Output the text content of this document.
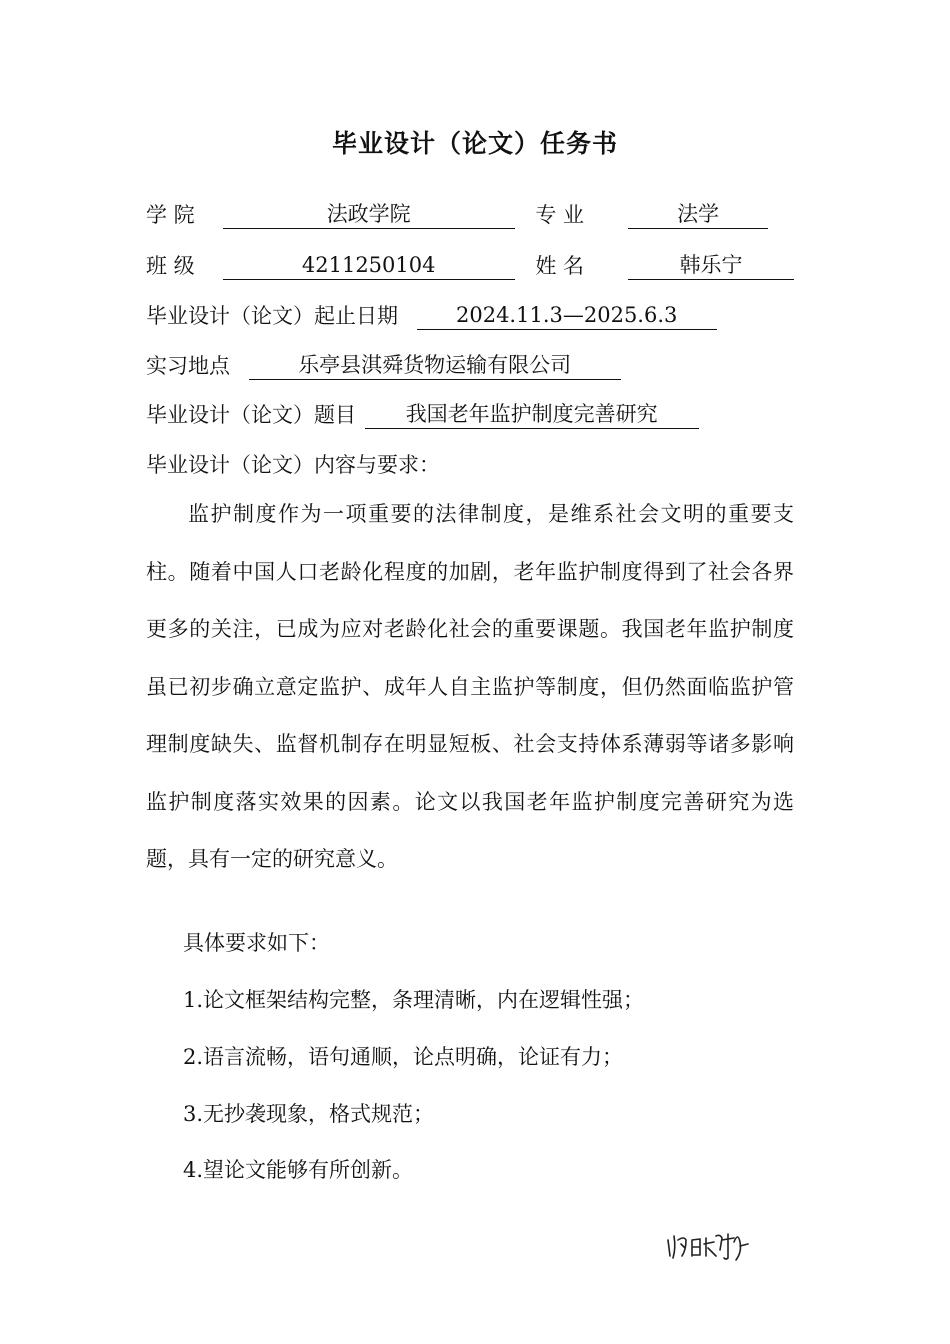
毕业设计（论文）任务书
学 院	法政学院	专 业	法学
班 级	4211250104	姓 名	韩乐宁
毕业设计（论文）起止日期	2024.11.3—2025.6.3
实习地点	乐亭县淇舜货物运输有限公司
毕业设计（论文）题目 我国老年监护制度完善研究
毕业设计（论文）内容与要求：

监护制度作为一项重要的法律制度，是维系社会文明的重要支柱。随着中国人口老龄化程度的加剧，老年监护制度得到了社会各界更多的关注，已成为应对老龄化社会的重要课题。我国老年监护制度虽已初步确立意定监护、成年人自主监护等制度，但仍然面临监护管理制度缺失、监督机制存在明显短板、社会支持体系薄弱等诸多影响监护制度落实效果的因素。论文以我国老年监护制度完善研究为选题，具有一定的研究意义。

具体要求如下：
1.论文框架结构完整，条理清晰，内在逻辑性强；
2.语言流畅，语句通顺，论点明确，论证有力；
3.无抄袭现象，格式规范；
4.望论文能够有所创新。
